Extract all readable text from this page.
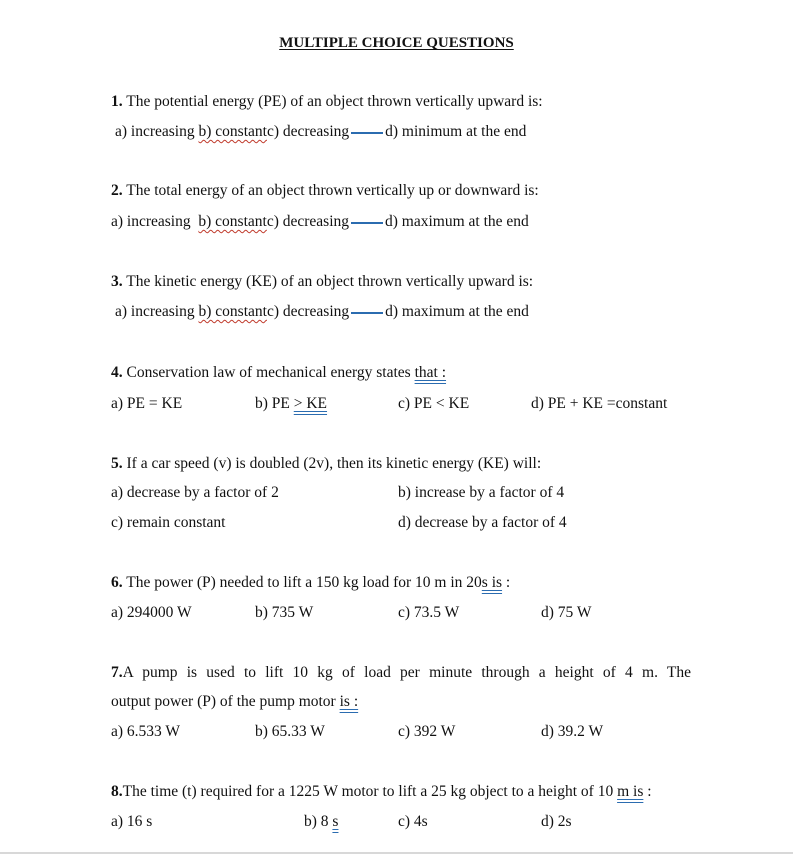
MULTIPLE CHOICE QUESTIONS
1. The potential energy (PE) of an object thrown vertically upward is:
a) increasing b) constantc) decreasing d) minimum at the end
2. The total energy of an object thrown vertically up or downward is:
a) increasing b) constantc) decreasing d) maximum at the end
3. The kinetic energy (KE) of an object thrown vertically upward is:
a) increasing b) constantc) decreasing d) maximum at the end
4. Conservation law of mechanical energy states that :
a) PE = KE	b) PE > KE	c) PE < KE	d) PE + KE =constant
5. If a car speed (v) is doubled (2v), then its kinetic energy (KE) will:
a) decrease by a factor of 2	b) increase by a factor of 4
c) remain constant	d) decrease by a factor of 4
6. The power (P) needed to lift a 150 kg load for 10 m in 20s is :
a) 294000 W	b) 735 W	c) 73.5 W	d) 75 W
7.A pump is used to lift 10 kg of load per minute through a height of 4 m. The
output power (P) of the pump motor is :
a) 6.533 W	b) 65.33 W	c) 392 W	d) 39.2 W
8.The time (t) required for a 1225 W motor to lift a 25 kg object to a height of 10 m is :
a) 16 s	b) 8 s	c) 4s	d) 2s
